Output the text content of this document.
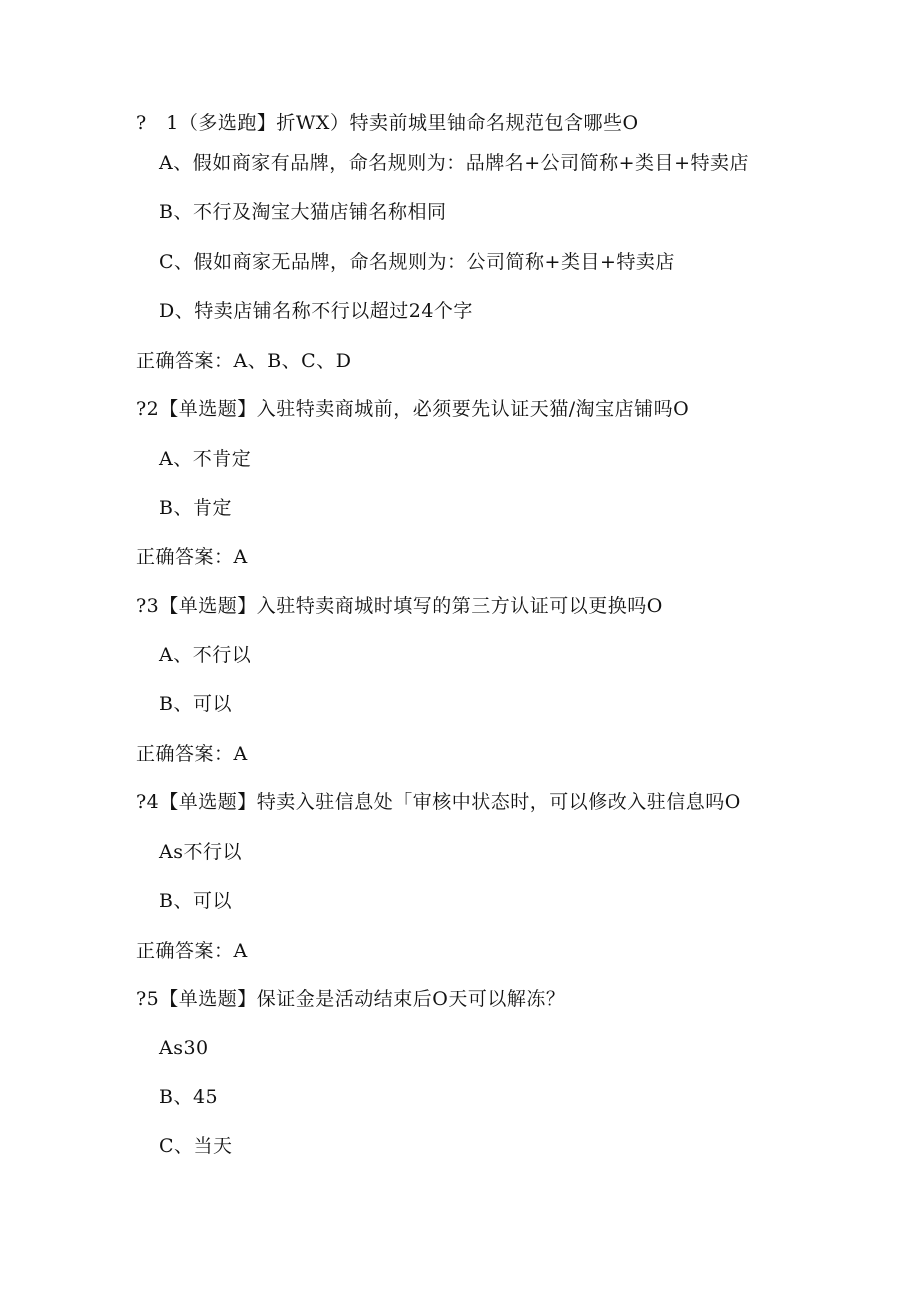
?   1（多选跑】折WX）特卖前城里铀命名规范包含哪些O
A、假如商家有品牌，命名规则为：品牌名+公司简称+类目+特卖店
B、不行及淘宝大猫店铺名称相同
C、假如商家无品牌，命名规则为：公司简称+类目+特卖店
D、特卖店铺名称不行以超过24个字
正确答案：A、B、C、D
?2【单选题】入驻特卖商城前，必须要先认证天猫/淘宝店铺吗O
A、不肯定
B、肯定
正确答案：A
?3【单选题】入驻特卖商城时填写的第三方认证可以更换吗O
A、不行以
B、可以
正确答案：A
?4【单选题】特卖入驻信息处「审核中状态时，可以修改入驻信息吗O
As不行以
B、可以
正确答案：A
?5【单选题】保证金是活动结束后O天可以解冻？
As30
B、45
C、当天
